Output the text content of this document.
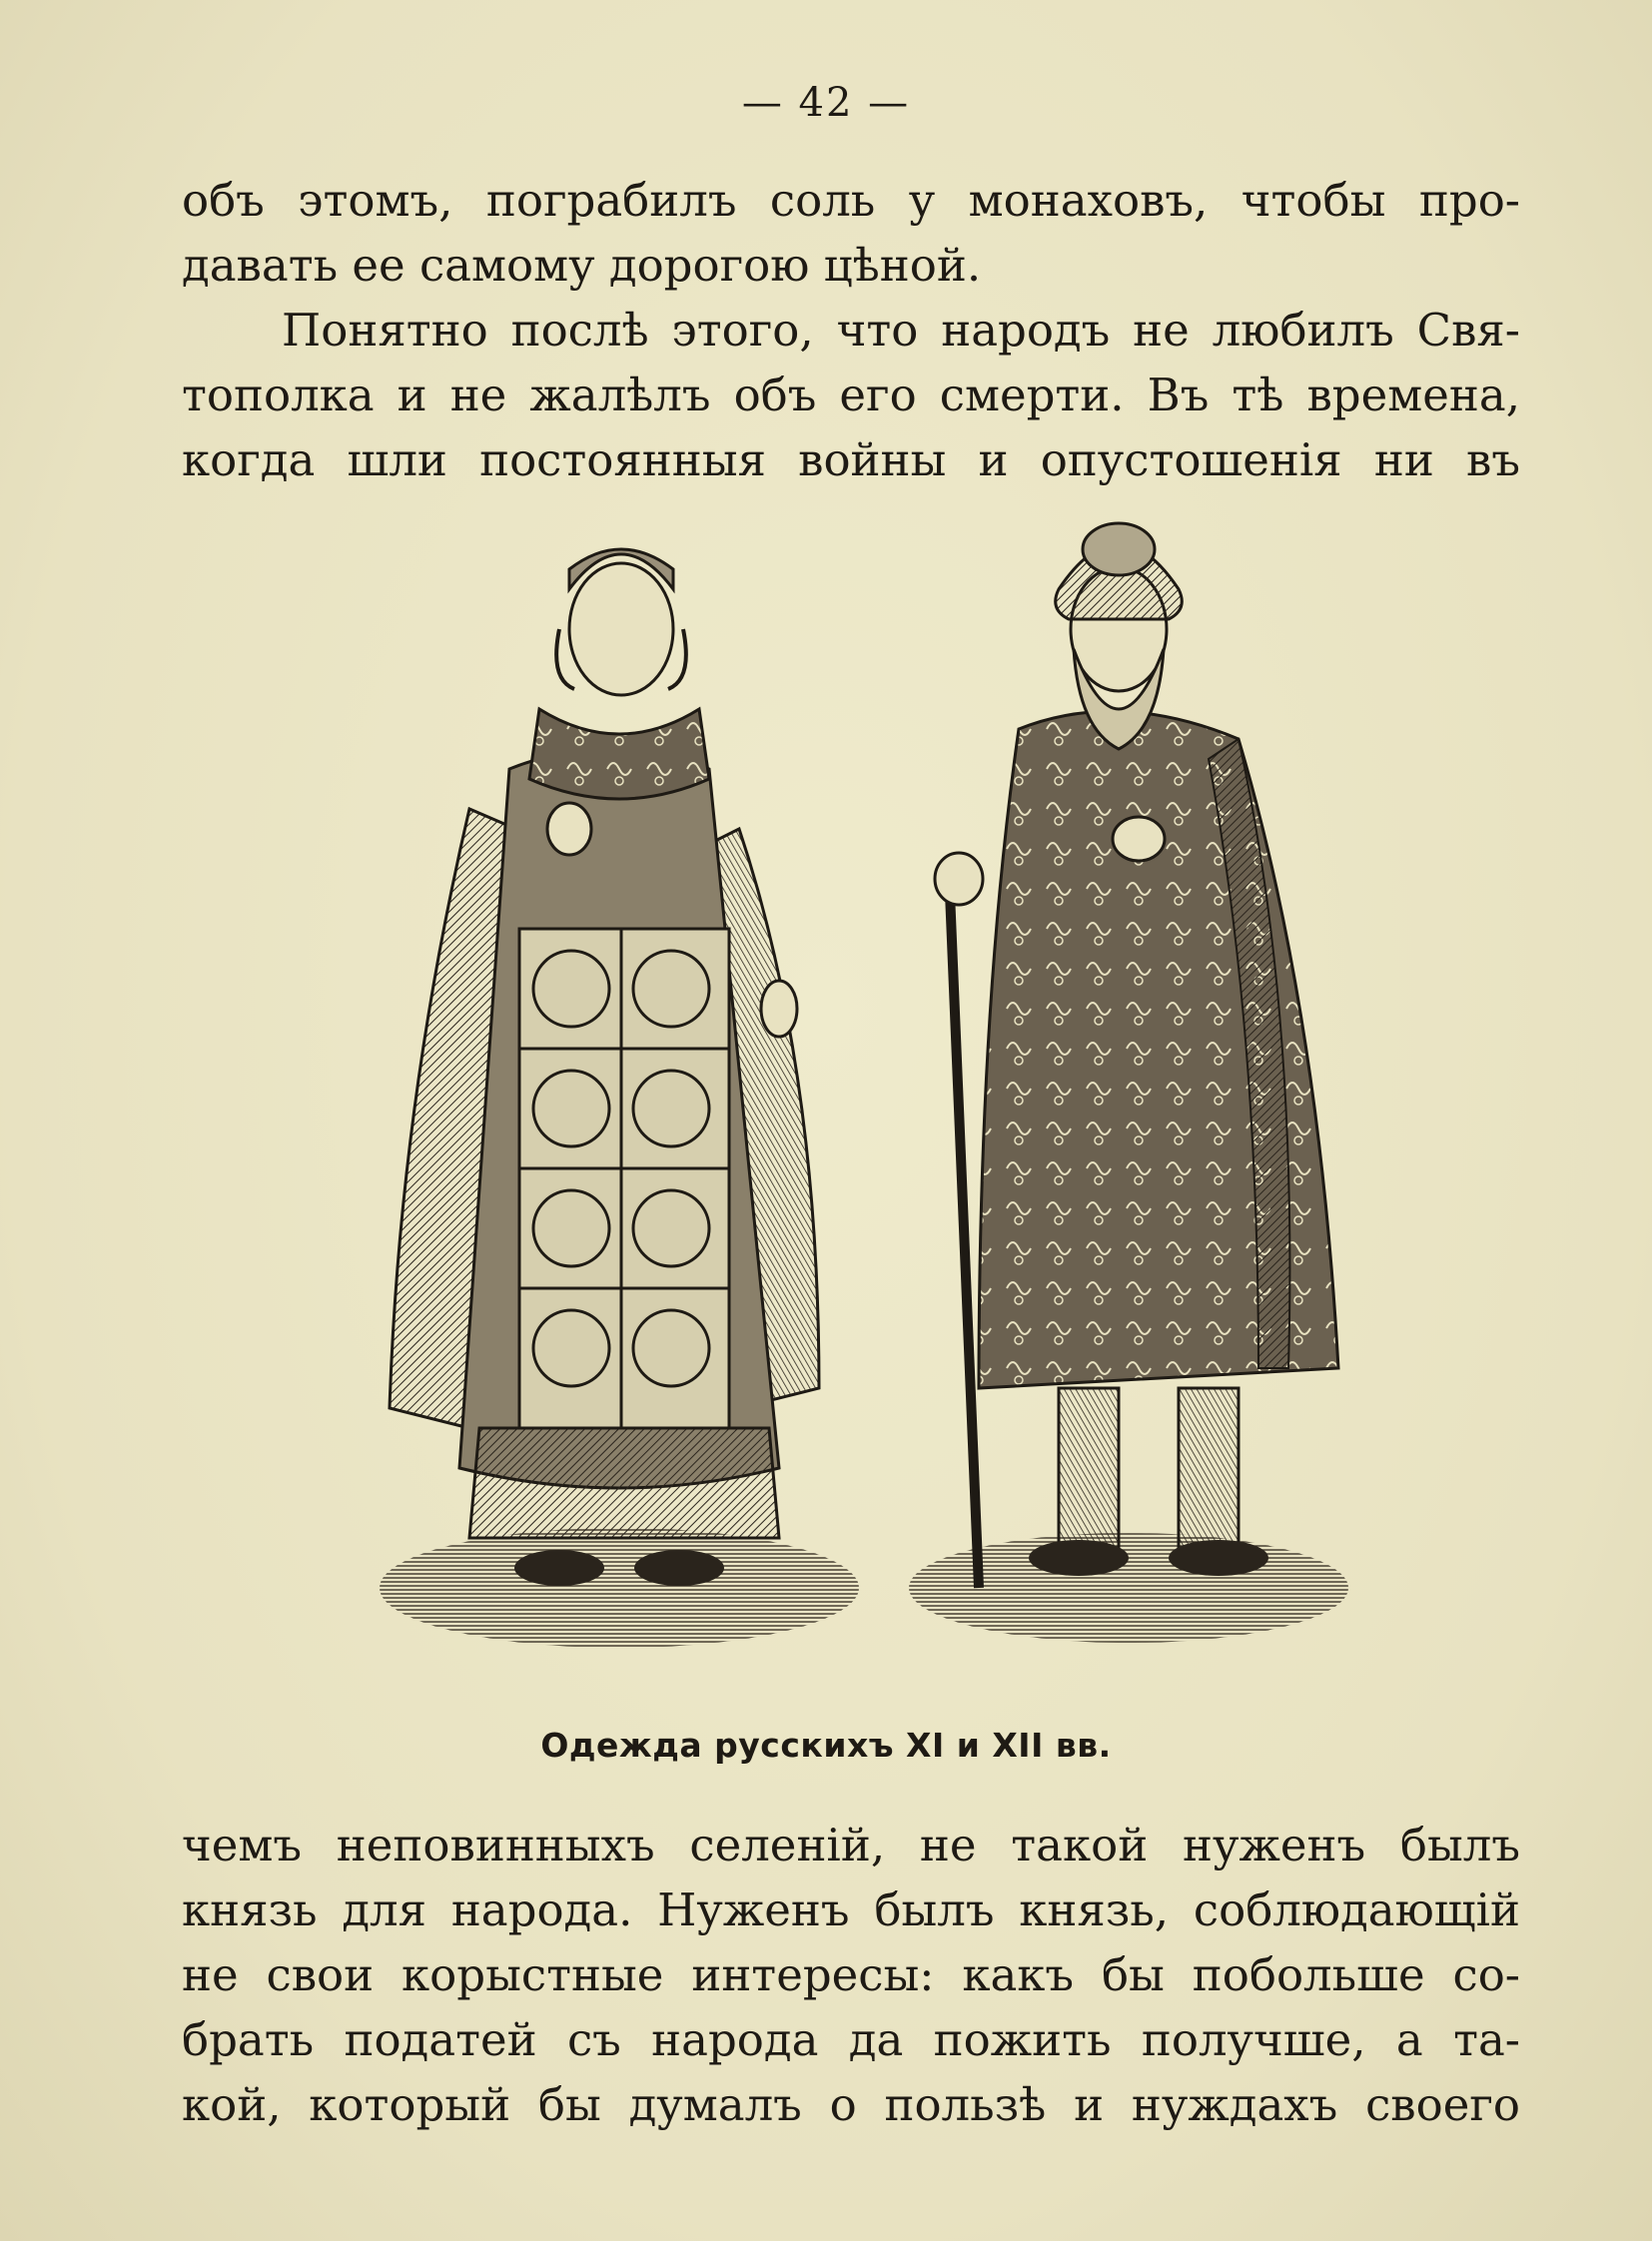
— 42 —
объ этомъ, пограбилъ соль у монаховъ, чтобы про-
давать ее самому дорогою цѣной.
Понятно послѣ этого, что народъ не любилъ Свя-
тополка и не жалѣлъ объ его смерти. Въ тѣ времена,
когда шли постоянныя войны и опустошенія ни въ
Одежда русскихъ XI и XII вв.
чемъ неповинныхъ селенiй, не такой нуженъ былъ
князь для народа. Нуженъ былъ князь, соблюдающiй
не свои корыстные интересы: какъ бы побольше со-
брать податей съ народа да пожить получше, а та-
кой, который бы думалъ о пользѣ и нуждахъ своего
